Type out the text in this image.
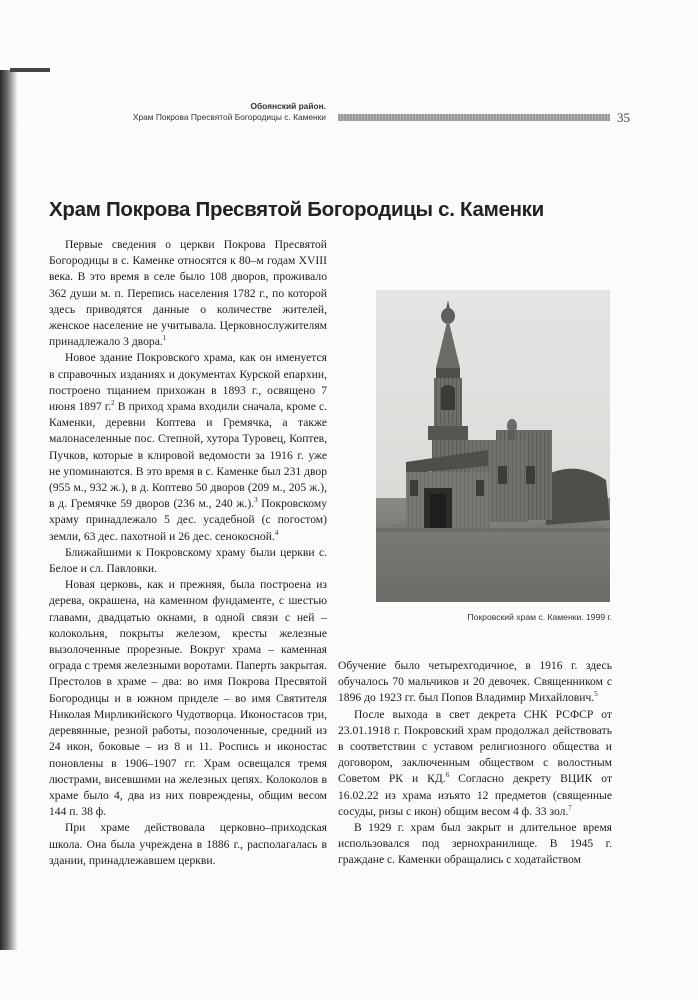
Обоянский район.
Храм Покрова Пресвятой Богородицы с. Каменки	35
Храм Покрова Пресвятой Богородицы с. Каменки

Первые сведения о церкви Покрова Пресвятой Богородицы в с. Каменке относятся к 80–м годам XVIII века. В это время в селе было 108 дворов, проживало 362 души м. п. Перепись населения 1782 г., по которой здесь приводятся данные о количестве жителей, женское население не учитывала. Церковнослужителям принадлежало 3 двора.$^1$

Новое здание Покровского храма, как он именуется в справочных изданиях и документах Курской епархии, построено тщанием прихожан в 1893 г., освящено 7 июня 1897 г.$^2$ В приход храма входили сначала, кроме с. Каменки, деревни Коптева и Гремячка, а также малонаселенные пос. Степной, хутора Туровец, Коптев, Пучков, которые в клировой ведомости за 1916 г. уже не упоминаются. В это время в с. Каменке был 231 двор (955 м., 932 ж.), в д. Коптево 50 дворов (209 м., 205 ж.), в д. Гремячке 59 дворов (236 м., 240 ж.).$^3$ Покровскому храму принадлежало 5 дес. усадебной (с погостом) земли, 63 дес. пахотной и 26 дес. сенокосной.$^4$

Ближайшими к Покровскому храму были церкви с. Белое и сл. Павловки.

Новая церковь, как и прежняя, была построена из дерева, окрашена, на каменном фундаменте, с шестью главами, двадцатью окнами, в одной связи с ней – колокольня, покрыты железом, кресты железные вызолоченные прорезные. Вокруг храма – каменная ограда с тремя железными воротами. Паперть закрытая. Престолов в храме – два: во имя Покрова Пресвятой Богородицы и в южном приделе – во имя Святителя Николая Мирликийского Чудотворца. Иконостасов три, деревянные, резной работы, позолоченные, средний из 24 икон, боковые – из 8 и 11. Роспись и иконостас поновлены в 1906–1907 гг. Храм освещался тремя люстрами, висевшими на железных цепях. Колоколов в храме было 4, два из них повреждены, общим весом 144 п. 38 ф.

При храме действовала церковно–приходская школа. Она была учреждена в 1886 г., располагалась в здании, принадлежавшем церкви.

Покровский храм с. Каменки. 1999 г.

Обучение было четырехгодичное, в 1916 г. здесь обучалось 70 мальчиков и 20 девочек. Священником с 1896 до 1923 гг. был Попов Владимир Михайлович.$^5$

После выхода в свет декрета СНК РСФСР от 23.01.1918 г. Покровский храм продолжал действовать в соответствии с уставом религиозного общества и договором, заключенным обществом с волостным Советом РК и КД.$^6$ Согласно декрету ВЦИК от 16.02.22 из храма изъято 12 предметов (священные сосуды, ризы с икон) общим весом 4 ф. 33 зол.$^7$

В 1929 г. храм был закрыт и длительное время использовался под зернохранилище. В 1945 г. граждане с. Каменки обращались с ходатайством
